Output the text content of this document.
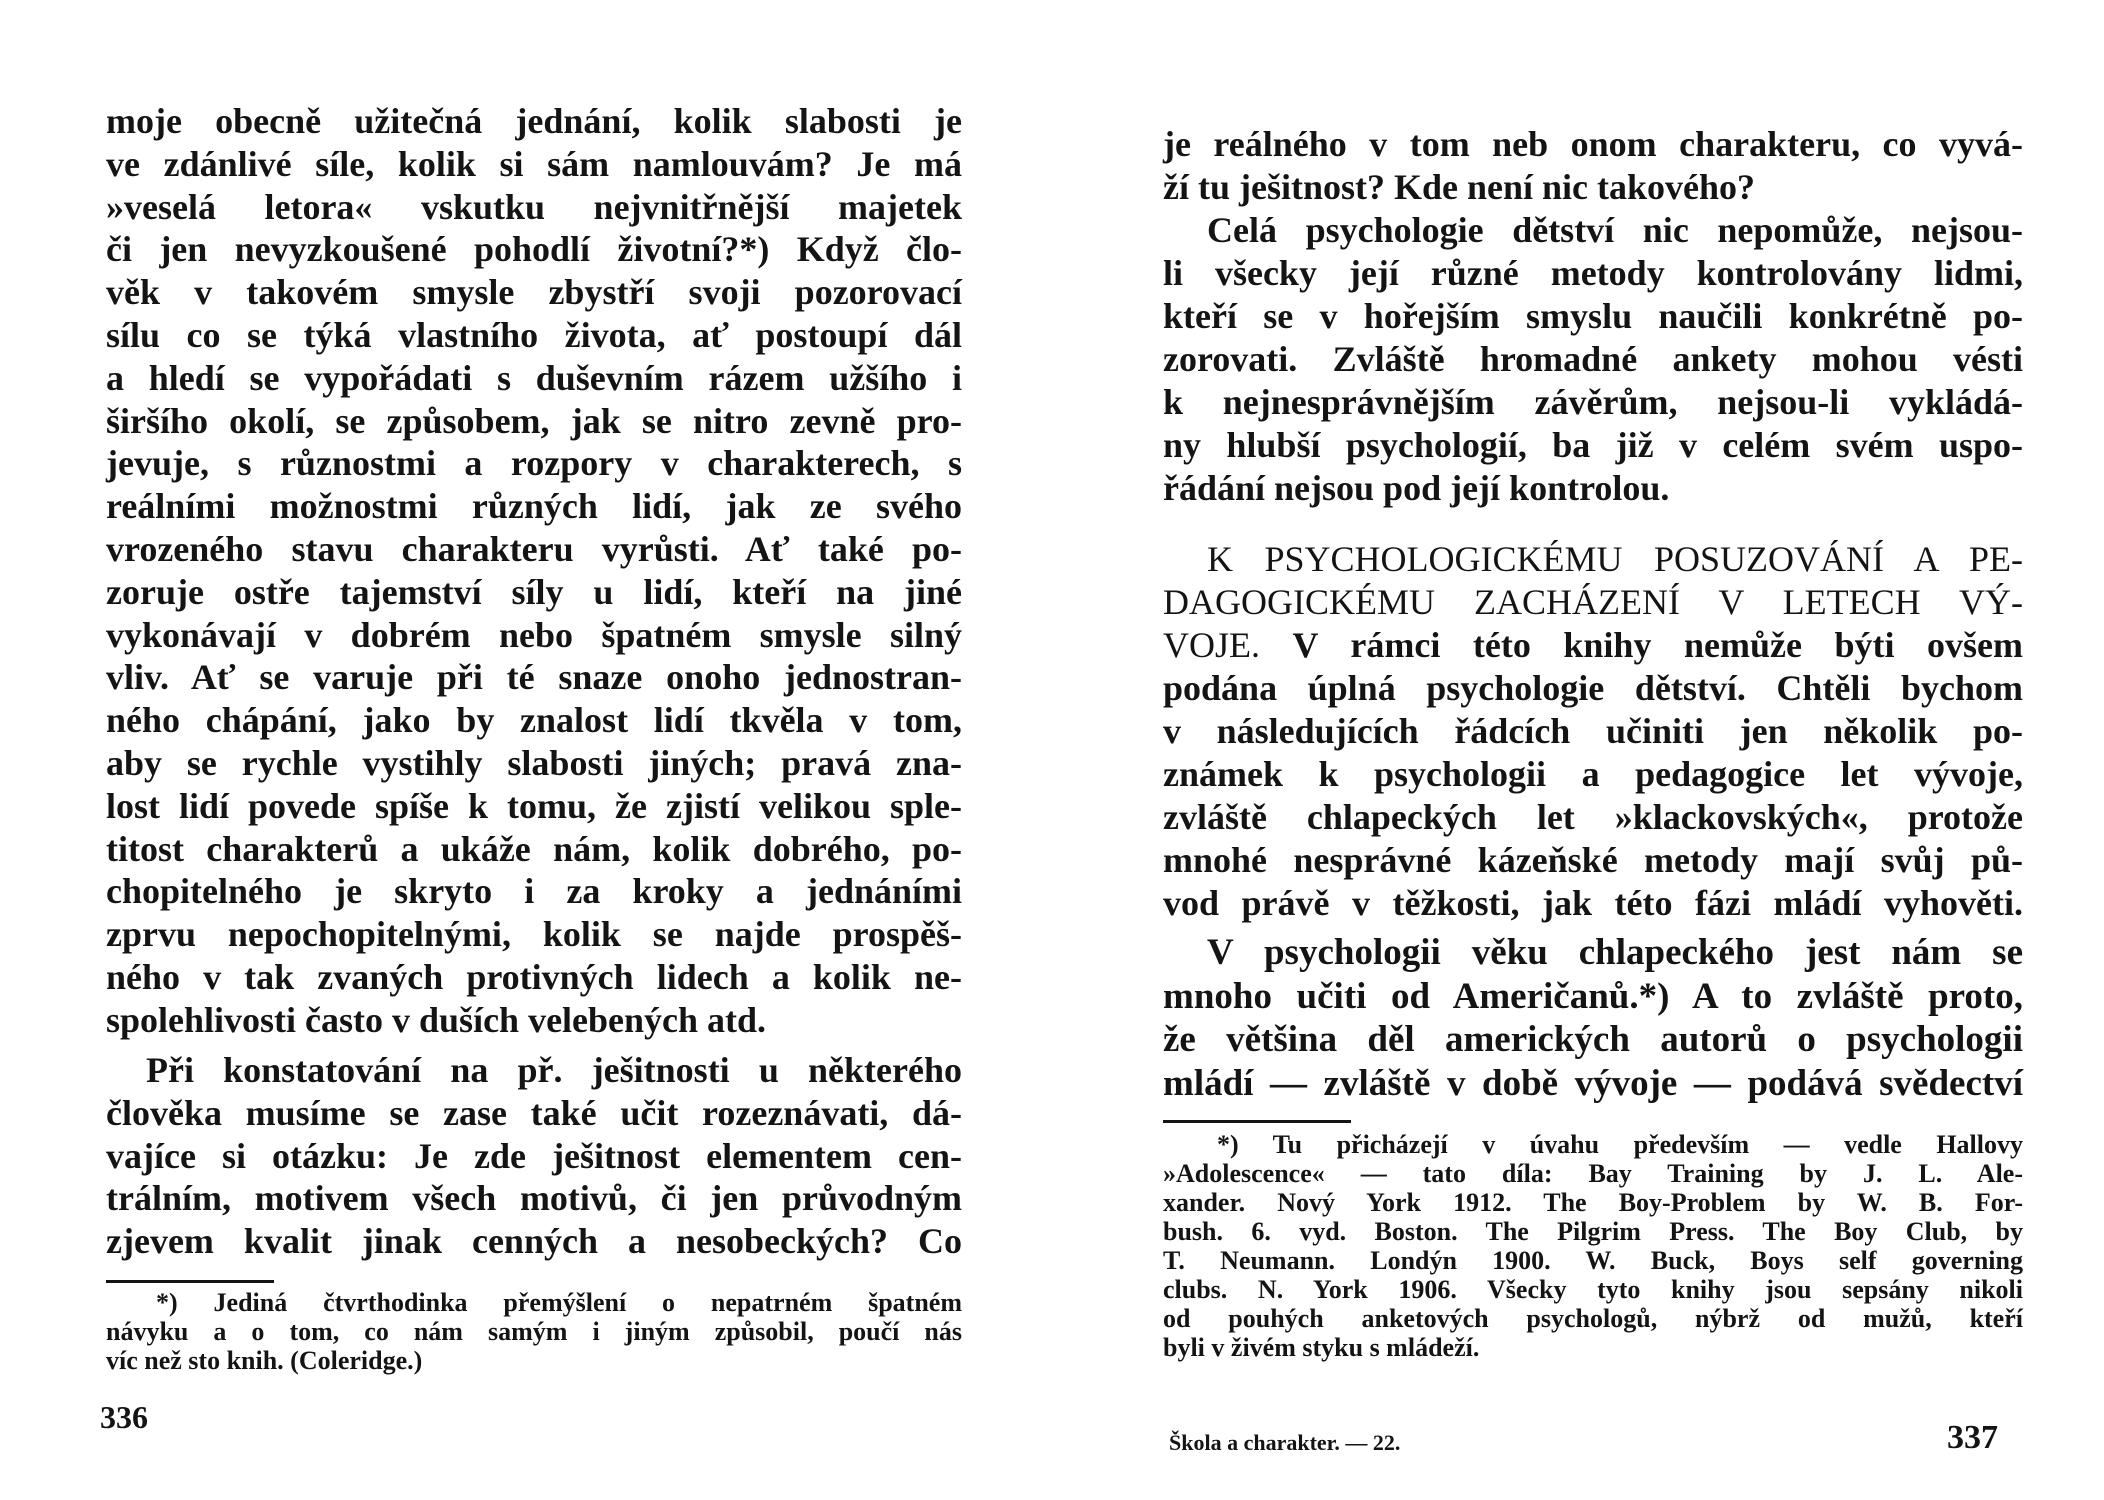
moje obecně užitečná jednání, kolik slabosti je
ve zdánlivé síle, kolik si sám namlouvám? Je má
»veselá letora« vskutku nejvnitřnější majetek
či jen nevyzkoušené pohodlí životní?*) Když člo-
věk v takovém smysle zbystří svoji pozorovací
sílu co se týká vlastního života, ať postoupí dál
a hledí se vypořádati s duševním rázem užšího i
širšího okolí, se způsobem, jak se nitro zevně pro-
jevuje, s různostmi a rozpory v charakterech, s
reálními možnostmi různých lidí, jak ze svého
vrozeného stavu charakteru vyrůsti. Ať také po-
zoruje ostře tajemství síly u lidí, kteří na jiné
vykonávají v dobrém nebo špatném smysle silný
vliv. Ať se varuje při té snaze onoho jednostran-
ného chápání, jako by znalost lidí tkvěla v tom,
aby se rychle vystihly slabosti jiných; pravá zna-
lost lidí povede spíše k tomu, že zjistí velikou sple-
titost charakterů a ukáže nám, kolik dobrého, po-
chopitelného je skryto i za kroky a jednáními
zprvu nepochopitelnými, kolik se najde prospěš-
ného v tak zvaných protivných lidech a kolik ne-
spolehlivosti často v duších velebených atd.

Při konstatování na př. ješitnosti u některého
člověka musíme se zase také učit rozeznávati, dá-
vajíce si otázku: Je zde ješitnost elementem cen-
trálním, motivem všech motivů, či jen průvodným
zjevem kvalit jinak cenných a nesobeckých? Co

*) Jediná čtvrthodinka přemýšlení o nepatrném špatném
návyku a o tom, co nám samým i jiným způsobil, poučí nás
víc než sto knih. (Coleridge.)

336

je reálného v tom neb onom charakteru, co vyvá-
ží tu ješitnost? Kde není nic takového?

Celá psychologie dětství nic nepomůže, nejsou-
li všecky její různé metody kontrolovány lidmi,
kteří se v hořejším smyslu naučili konkrétně po-
zorovati. Zvláště hromadné ankety mohou vésti
k nejnesprávnějším závěrům, nejsou-li vykládá-
ny hlubší psychologií, ba již v celém svém uspo-
řádání nejsou pod její kontrolou.

K PSYCHOLOGICKÉMU POSUZOVÁNÍ A PE-
DAGOGICKÉMU ZACHÁZENÍ V LETECH VÝ-
VOJE. V rámci této knihy nemůže býti ovšem
podána úplná psychologie dětství. Chtěli bychom
v následujících řádcích učiniti jen několik po-
známek k psychologii a pedagogice let vývoje,
zvláště chlapeckých let »klackovských«, protože
mnohé nesprávné kázeňské metody mají svůj pů-
vod právě v těžkosti, jak této fázi mládí vyhověti.

V psychologii věku chlapeckého jest nám se
mnoho učiti od Američanů.*) A to zvláště proto,
že většina děl amerických autorů o psychologii
mládí — zvláště v době vývoje — podává svědectví

*) Tu přicházejí v úvahu především — vedle Hallovy
»Adolescence« — tato díla: Bay Training by J. L. Ale-
xander. Nový York 1912. The Boy-Problem by W. B. For-
bush. 6. vyd. Boston. The Pilgrim Press. The Boy Club, by
T. Neumann. Londýn 1900. W. Buck, Boys self governing
clubs. N. York 1906. Všecky tyto knihy jsou sepsány nikoli
od pouhých anketových psychologů, nýbrž od mužů, kteří
byli v živém styku s mládeží.

Škola a charakter. — 22.	337
